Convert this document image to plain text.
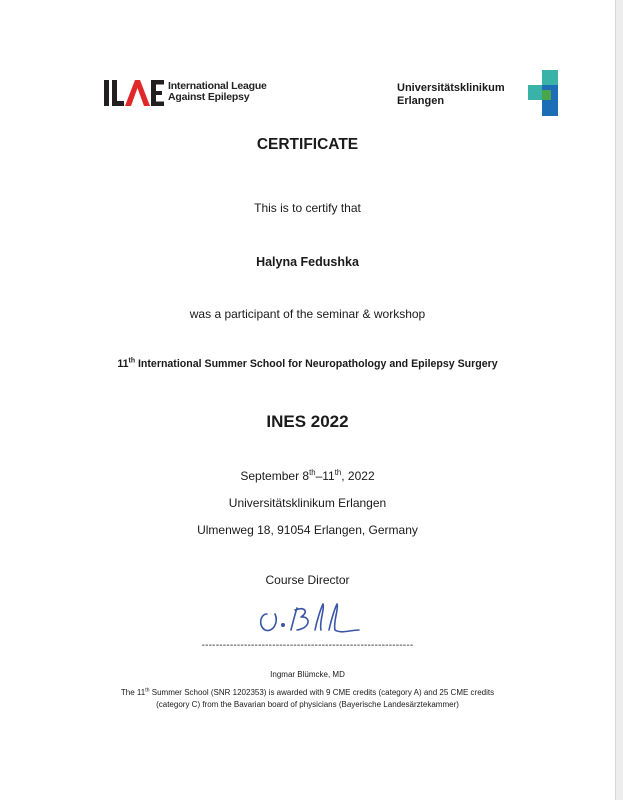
International League
Against Epilepsy
Universitätsklinikum
Erlangen
CERTIFICATE
This is to certify that
Halyna Fedushka
was a participant of the seminar & workshop
11th International Summer School for Neuropathology and Epilepsy Surgery
INES 2022
September 8th–11th, 2022
Universitätsklinikum Erlangen
Ulmenweg 18, 91054 Erlangen, Germany
Course Director
------------------------------------------------------------
Ingmar Blümcke, MD
The 11th Summer School (SNR 1202353) is awarded with 9 CME credits (category A) and 25 CME credits
(category C) from the Bavarian board of physicians (Bayerische Landesärztekammer)
